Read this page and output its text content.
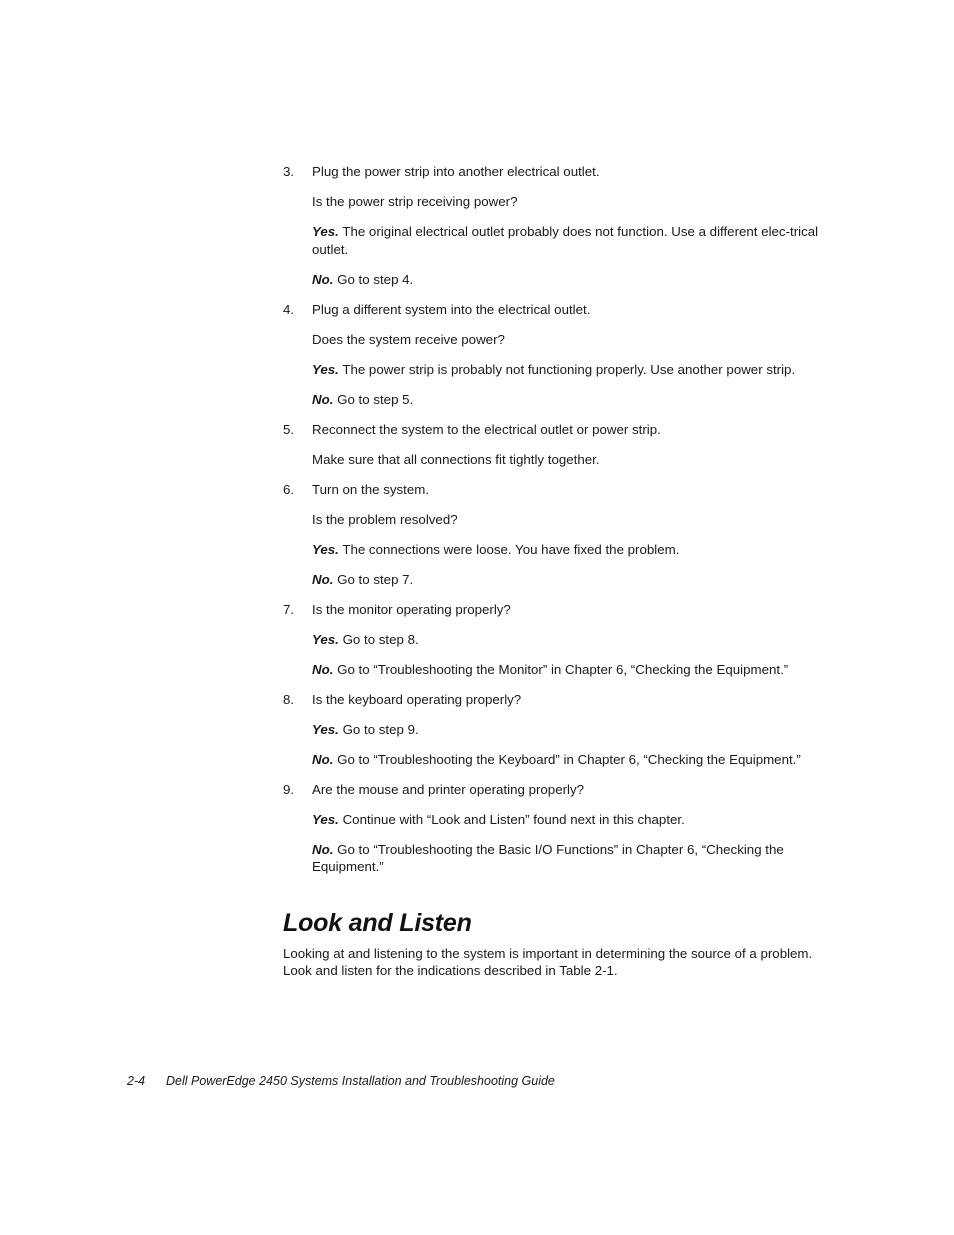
3. Plug the power strip into another electrical outlet.

Is the power strip receiving power?

Yes. The original electrical outlet probably does not function. Use a different elec-trical outlet.

No. Go to step 4.

4. Plug a different system into the electrical outlet.

Does the system receive power?

Yes. The power strip is probably not functioning properly. Use another power strip.

No. Go to step 5.

5. Reconnect the system to the electrical outlet or power strip.

Make sure that all connections fit tightly together.

6. Turn on the system.

Is the problem resolved?

Yes. The connections were loose. You have fixed the problem.

No. Go to step 7.

7. Is the monitor operating properly?

Yes. Go to step 8.

No. Go to “Troubleshooting the Monitor” in Chapter 6, “Checking the Equipment.”

8. Is the keyboard operating properly?

Yes. Go to step 9.

No. Go to “Troubleshooting the Keyboard” in Chapter 6, “Checking the Equipment.”

9. Are the mouse and printer operating properly?

Yes. Continue with “Look and Listen” found next in this chapter.

No. Go to “Troubleshooting the Basic I/O Functions” in Chapter 6, “Checking the Equipment.”

Look and Listen

Looking at and listening to the system is important in determining the source of a problem. Look and listen for the indications described in Table 2-1.

2-4 Dell PowerEdge 2450 Systems Installation and Troubleshooting Guide
